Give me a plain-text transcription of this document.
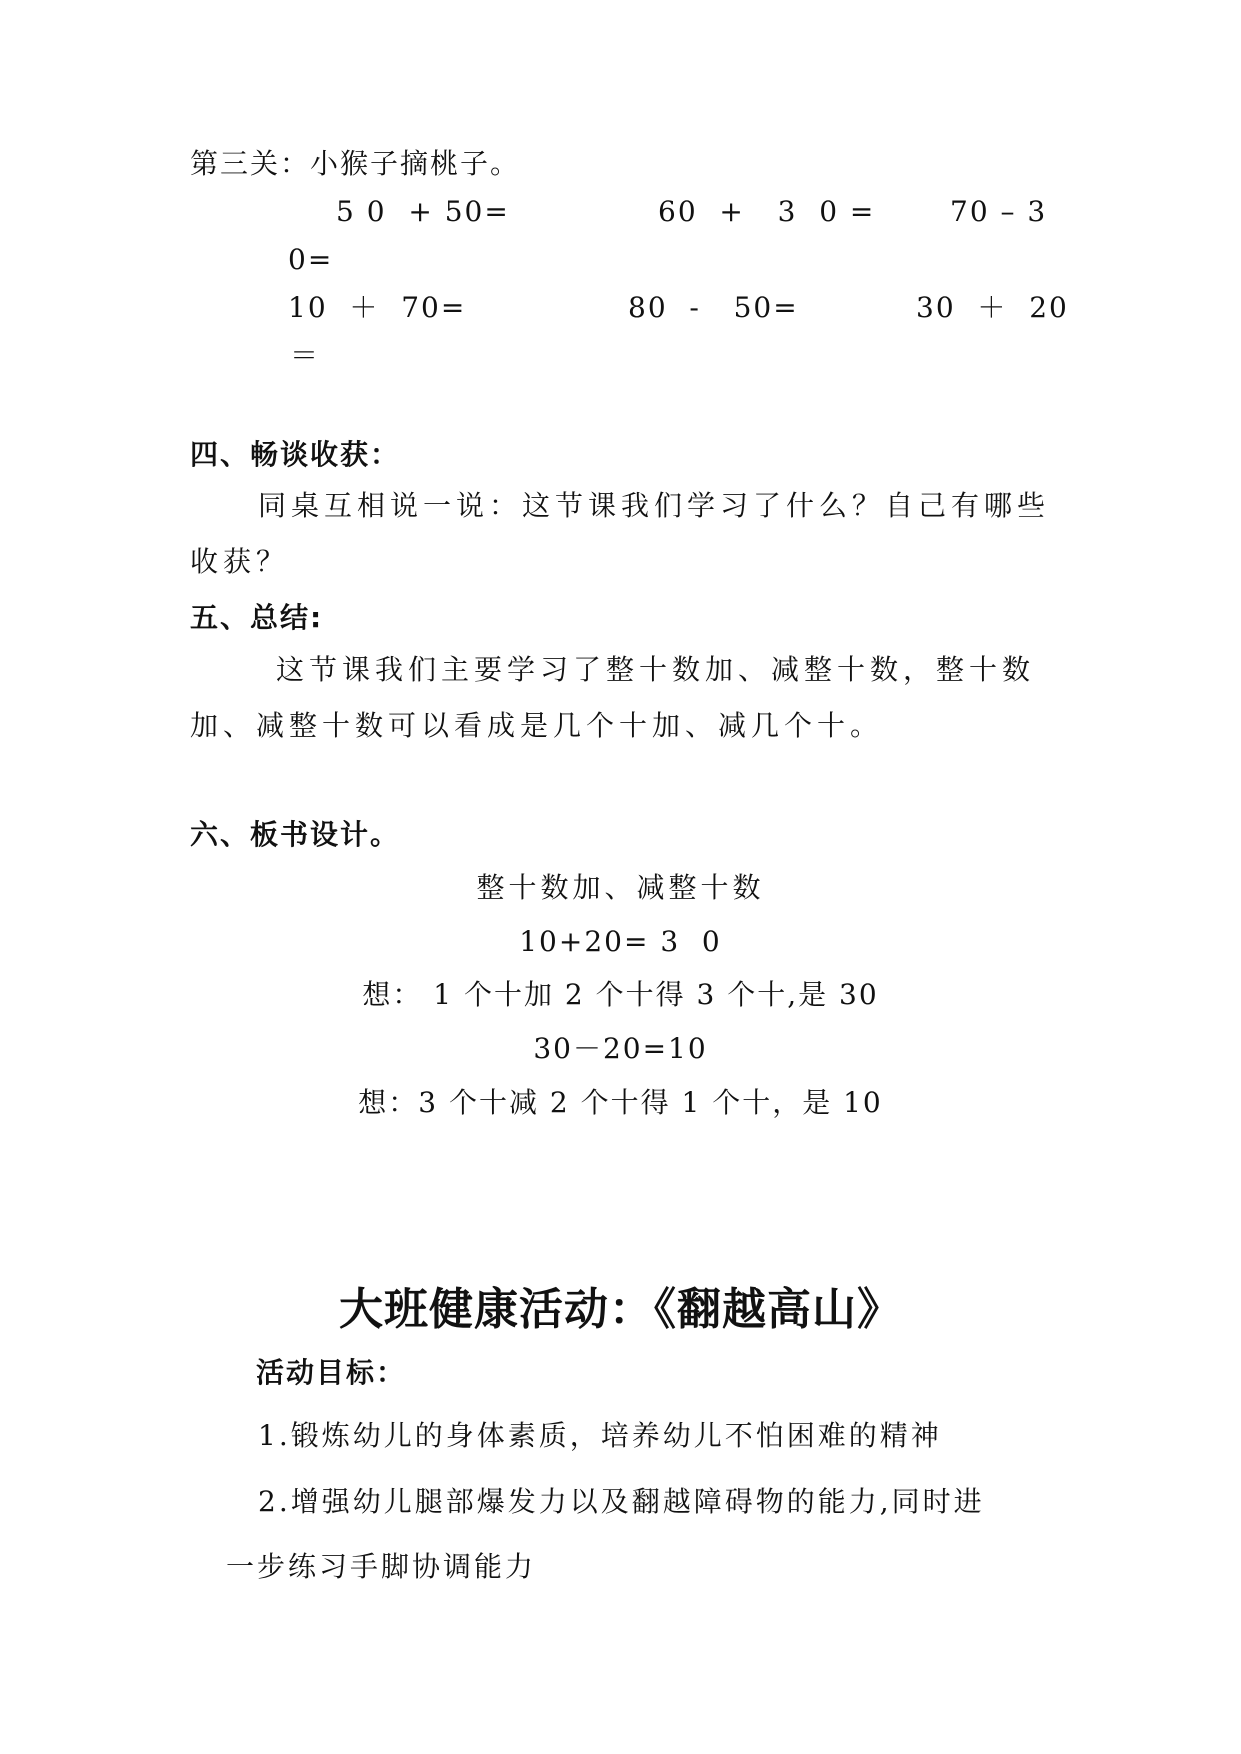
第三关：小猴子摘桃子。
5 0  + 50=	60  +   3  0 =	70 – 3
0=
10  ＋  70=	80  -   50=	30  ＋  20
＝
四、畅谈收获：
同桌互相说一说：这节课我们学习了什么？自己有哪些
收获？
五、总结:
这节课我们主要学习了整十数加、减整十数，整十数
加、减整十数可以看成是几个十加、减几个十。
六、板书设计。
整十数加、减整十数
10+20= 3  0
想： 1 个十加 2 个十得 3 个十,是 30
30－20=10
想：3 个十减 2 个十得 1 个十，是 10
大班健康活动：《翻越高山》
活动目标：
1.锻炼幼儿的身体素质，培养幼儿不怕困难的精神
2.增强幼儿腿部爆发力以及翻越障碍物的能力,同时进
一步练习手脚协调能力
